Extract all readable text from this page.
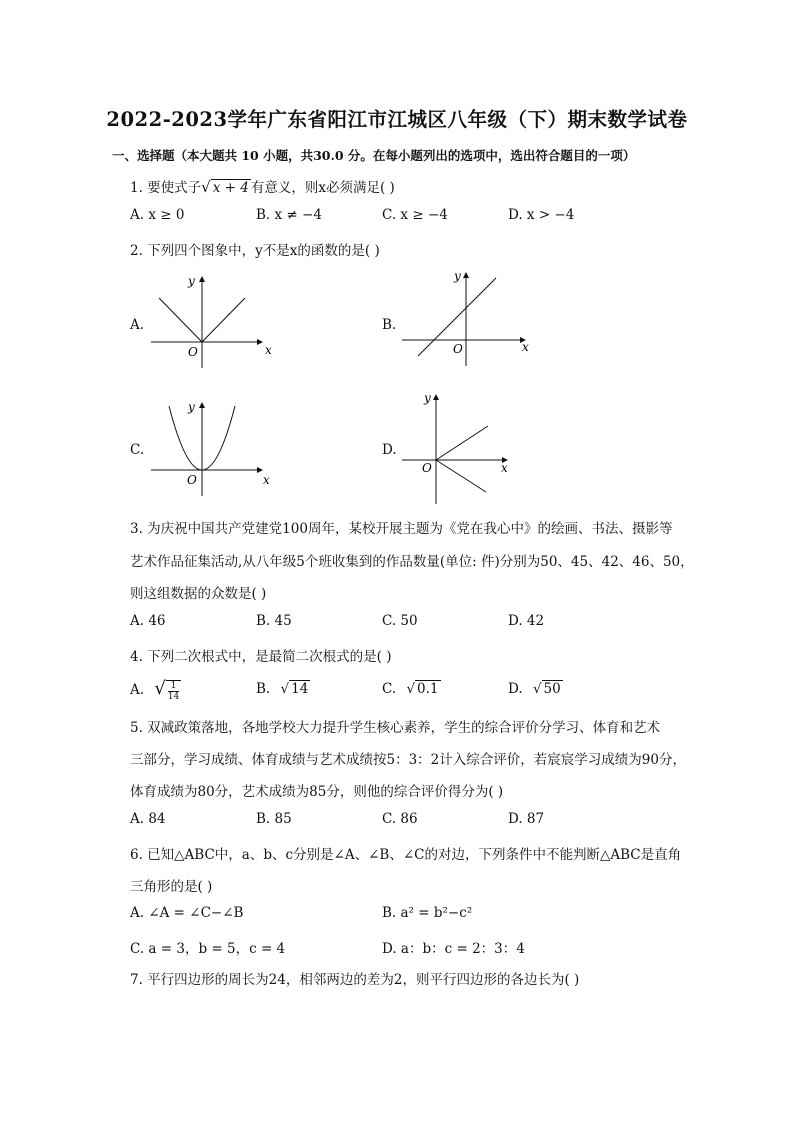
2022-2023学年广东省阳江市江城区八年级（下）期末数学试卷
一、选择题（本大题共 10 小题，共30.0 分。在每小题列出的选项中，选出符合题目的一项）
1. 要使式子√ x + 4 有意义，则x必须满足( )
A. x ≥ 0	B. x ≠ −4	C. x ≥ −4	D. x > −4
2. 下列四个图象中，y不是x的函数的是( )
A.
x
y
O
B.
x
y
O
C.
x
y
O
D.
x
y
O
3. 为庆祝中国共产党建党100周年，某校开展主题为《党在我心中》的绘画、书法、摄影等
艺术作品征集活动,从八年级5个班收集到的作品数量(单位: 件)分别为50、45、42、46、50，
则这组数据的众数是( )
A. 46	B. 45	C. 50	D. 42
4. 下列二次根式中，是最简二次根式的是( )
A. √ $\frac{1}{14}$	B. √ 14	C. √ 0.1	D. √ 50
5. 双减政策落地，各地学校大力提升学生核心素养，学生的综合评价分学习、体育和艺术
三部分，学习成绩、体育成绩与艺术成绩按5：3：2计入综合评价，若宸宸学习成绩为90分，
体育成绩为80分，艺术成绩为85分，则他的综合评价得分为( )
A. 84	B. 85	C. 86	D. 87
6. 已知△ABC中，a、b、c分别是∠A、∠B、∠C的对边，下列条件中不能判断△ABC是直角
三角形的是( )
A. ∠A = ∠C−∠B	B. a² = b²−c²
C. a = 3，b = 5，c = 4	D. a：b：c = 2：3：4
7. 平行四边形的周长为24，相邻两边的差为2，则平行四边形的各边长为( )
